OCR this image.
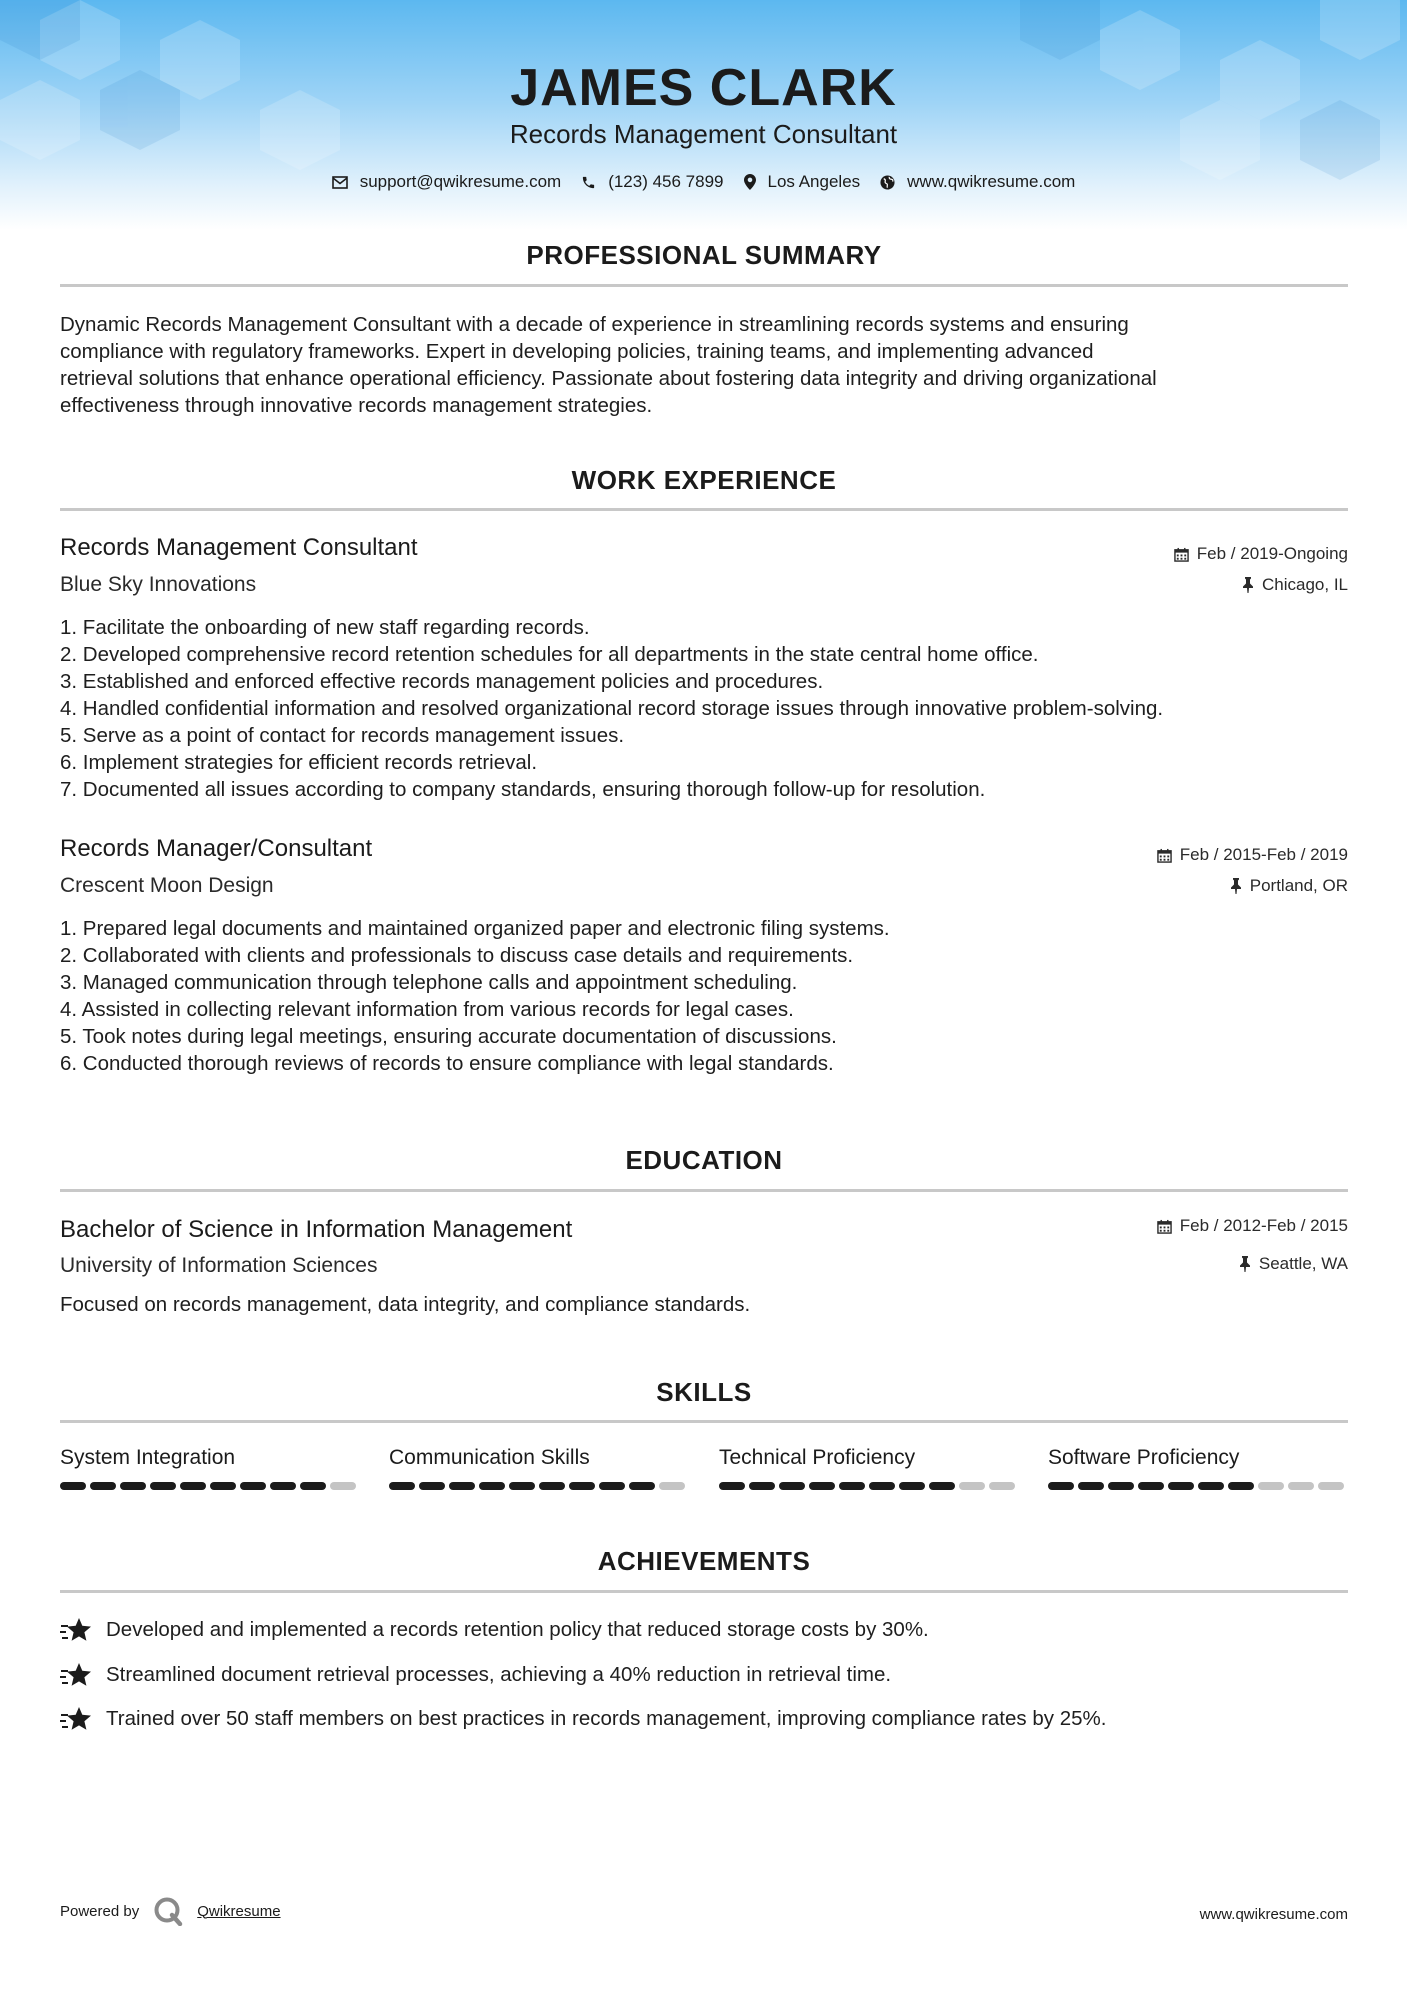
JAMES CLARK
Records Management Consultant
support@qwikresume.com	(123) 456 7899	Los Angeles	www.qwikresume.com
PROFESSIONAL SUMMARY
Dynamic Records Management Consultant with a decade of experience in streamlining records systems and ensuring
compliance with regulatory frameworks. Expert in developing policies, training teams, and implementing advanced
retrieval solutions that enhance operational efficiency. Passionate about fostering data integrity and driving organizational
effectiveness through innovative records management strategies.
WORK EXPERIENCE
Records Management Consultant
Blue Sky Innovations
Feb / 2019-Ongoing
Chicago, IL
1. Facilitate the onboarding of new staff regarding records.
2. Developed comprehensive record retention schedules for all departments in the state central home office.
3. Established and enforced effective records management policies and procedures.
4. Handled confidential information and resolved organizational record storage issues through innovative problem-solving.
5. Serve as a point of contact for records management issues.
6. Implement strategies for efficient records retrieval.
7. Documented all issues according to company standards, ensuring thorough follow-up for resolution.
Records Manager/Consultant
Crescent Moon Design
Feb / 2015-Feb / 2019
Portland, OR
1. Prepared legal documents and maintained organized paper and electronic filing systems.
2. Collaborated with clients and professionals to discuss case details and requirements.
3. Managed communication through telephone calls and appointment scheduling.
4. Assisted in collecting relevant information from various records for legal cases.
5. Took notes during legal meetings, ensuring accurate documentation of discussions.
6. Conducted thorough reviews of records to ensure compliance with legal standards.
EDUCATION
Bachelor of Science in Information Management
University of Information Sciences
Feb / 2012-Feb / 2015
Seattle, WA
Focused on records management, data integrity, and compliance standards.
SKILLS
System Integration	Communication Skills	Technical Proficiency	Software Proficiency
ACHIEVEMENTS
Developed and implemented a records retention policy that reduced storage costs by 30%.
Streamlined document retrieval processes, achieving a 40% reduction in retrieval time.
Trained over 50 staff members on best practices in records management, improving compliance rates by 25%.
Powered by	Qwikresume	www.qwikresume.com
